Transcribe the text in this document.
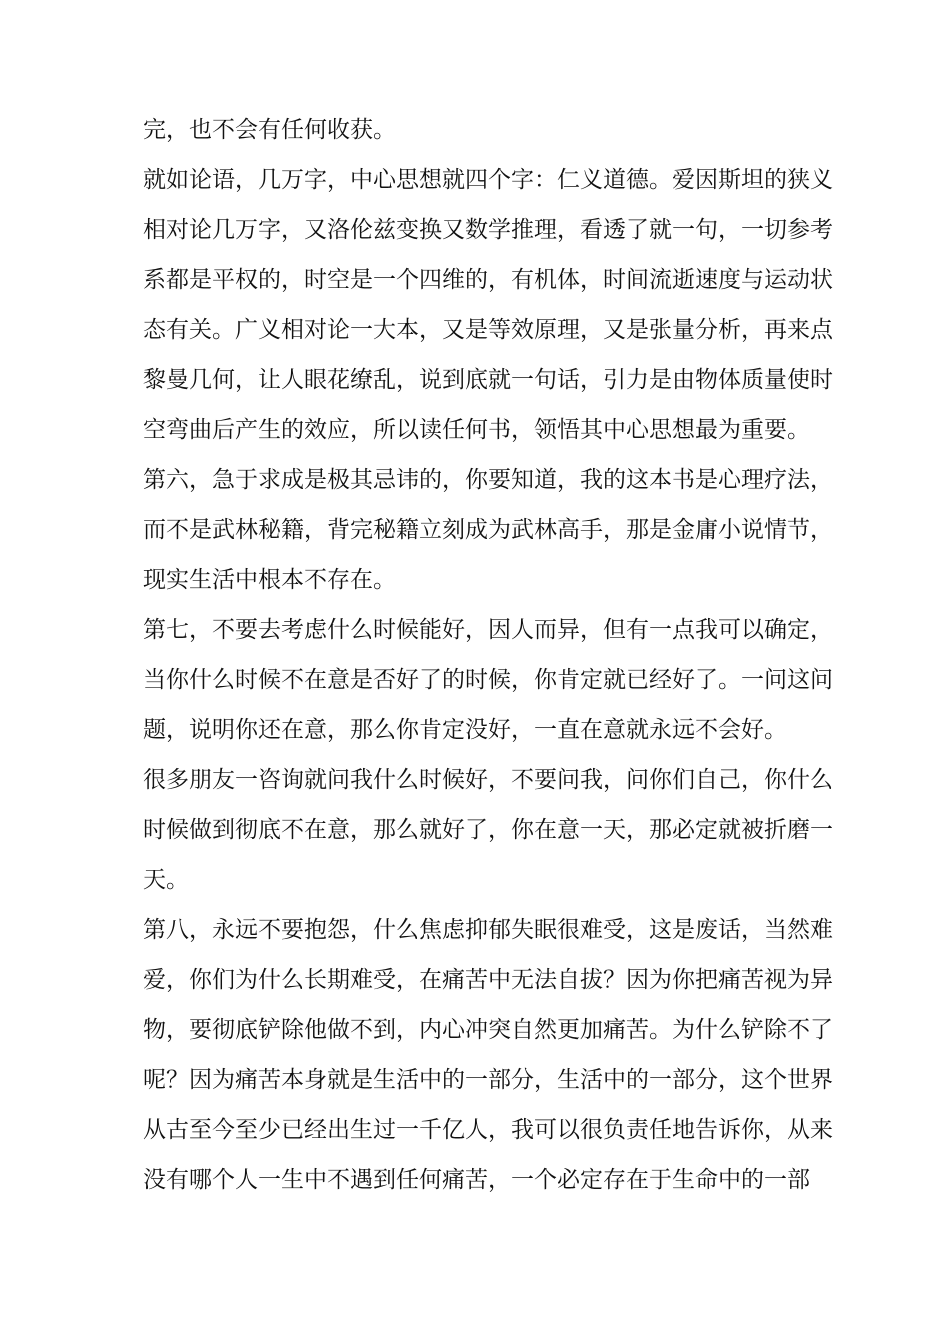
完，也不会有任何收获。
就如论语，几万字，中心思想就四个字：仁义道德。爱因斯坦的狭义
相对论几万字，又洛伦兹变换又数学推理，看透了就一句，一切参考
系都是平权的，时空是一个四维的，有机体，时间流逝速度与运动状
态有关。广义相对论一大本，又是等效原理，又是张量分析，再来点
黎曼几何，让人眼花缭乱，说到底就一句话，引力是由物体质量使时
空弯曲后产生的效应，所以读任何书，领悟其中心思想最为重要。
第六，急于求成是极其忌讳的，你要知道，我的这本书是心理疗法，
而不是武林秘籍，背完秘籍立刻成为武林高手，那是金庸小说情节，
现实生活中根本不存在。
第七，不要去考虑什么时候能好，因人而异，但有一点我可以确定，
当你什么时候不在意是否好了的时候，你肯定就已经好了。一问这问
题，说明你还在意，那么你肯定没好，一直在意就永远不会好。
很多朋友一咨询就问我什么时候好，不要问我，问你们自己，你什么
时候做到彻底不在意，那么就好了，你在意一天，那必定就被折磨一
天。
第八，永远不要抱怨，什么焦虑抑郁失眠很难受，这是废话，当然难
爱，你们为什么长期难受，在痛苦中无法自拔？因为你把痛苦视为异
物，要彻底铲除他做不到，内心冲突自然更加痛苦。为什么铲除不了
呢？因为痛苦本身就是生活中的一部分，生活中的一部分，这个世界
从古至今至少已经出生过一千亿人，我可以很负责任地告诉你，从来
没有哪个人一生中不遇到任何痛苦，一个必定存在于生命中的一部
